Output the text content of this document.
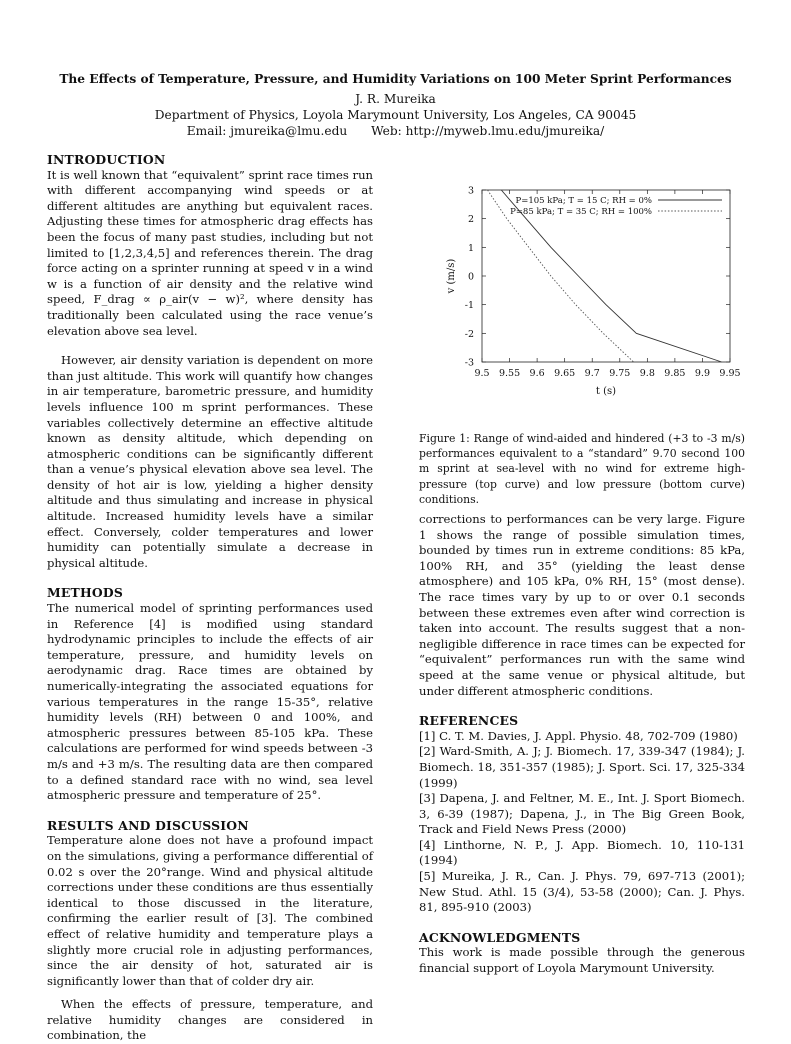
The Effects of Temperature, Pressure, and Humidity Variations on 100 Meter Sprint Performances
J. R. Mureika
Department of Physics, Loyola Marymount University, Los Angeles, CA 90045
Email: jmureika@lmu.edu Web: http://myweb.lmu.edu/jmureika/
INTRODUCTION

It is well known that “equivalent” sprint race times run with different accompanying wind speeds or at different altitudes are anything but equivalent races. Adjusting these times for atmospheric drag effects has been the focus of many past studies, including but not limited to [1,2,3,4,5] and references therein. The drag force acting on a sprinter running at speed v in a wind w is a function of air density and the relative wind speed, F_drag ∝ ρ_air(v − w)², where density has traditionally been calculated using the race venue’s elevation above sea level.

However, air density variation is dependent on more than just altitude. This work will quantify how changes in air temperature, barometric pressure, and humidity levels influence 100 m sprint performances. These variables collectively determine an effective altitude known as density altitude, which depending on atmospheric conditions can be significantly different than a venue’s physical elevation above sea level. The density of hot air is low, yielding a higher density altitude and thus simulating and increase in physical altitude. Increased humidity levels have a similar effect. Conversely, colder temperatures and lower humidity can potentially simulate a decrease in physical altitude.

METHODS

The numerical model of sprinting performances used in Reference [4] is modified using standard hydrodynamic principles to include the effects of air temperature, pressure, and humidity levels on aerodynamic drag. Race times are obtained by numerically-integrating the associated equations for various temperatures in the range 15-35°, relative humidity levels (RH) between 0 and 100%, and atmospheric pressures between 85-105 kPa. These calculations are performed for wind speeds between -3 m/s and +3 m/s. The resulting data are then compared to a defined standard race with no wind, sea level atmospheric pressure and temperature of 25°.

RESULTS AND DISCUSSION

Temperature alone does not have a profound impact on the simulations, giving a performance differential of 0.02 s over the 20°range. Wind and physical altitude corrections under these conditions are thus essentially identical to those discussed in the literature, confirming the earlier result of [3]. The combined effect of relative humidity and temperature plays a slightly more crucial role in adjusting performances, since the air density of hot, saturated air is significantly lower than that of colder dry air.

When the effects of pressure, temperature, and relative humidity changes are considered in combination, the

9.5 9.55 9.6 9.65 9.7 9.75 9.8 9.85 9.9 9.95
-3
-2
-1
0
1
2
3
t (s)
v (m/s)
P=105 kPa; T = 15 C; RH = 0%
P=85 kPa; T = 35 C; RH = 100%
Figure 1: Range of wind-aided and hindered (+3 to -3 m/s) performances equivalent to a “standard” 9.70 second 100 m sprint at sea-level with no wind for extreme high-pressure (top curve) and low pressure (bottom curve) conditions.

corrections to performances can be very large. Figure 1 shows the range of possible simulation times, bounded by times run in extreme conditions: 85 kPa, 100% RH, and 35° (yielding the least dense atmosphere) and 105 kPa, 0% RH, 15° (most dense). The race times vary by up to or over 0.1 seconds between these extremes even after wind correction is taken into account. The results suggest that a non-negligible difference in race times can be expected for “equivalent” performances run with the same wind speed at the same venue or physical altitude, but under different atmospheric conditions.

REFERENCES

[1] C. T. M. Davies, J. Appl. Physio. 48, 702-709 (1980)

[2] Ward-Smith, A. J; J. Biomech. 17, 339-347 (1984); J. Biomech. 18, 351-357 (1985); J. Sport. Sci. 17, 325-334 (1999)

[3] Dapena, J. and Feltner, M. E., Int. J. Sport Biomech. 3, 6-39 (1987); Dapena, J., in The Big Green Book, Track and Field News Press (2000)

[4] Linthorne, N. P., J. App. Biomech. 10, 110-131 (1994)

[5] Mureika, J. R., Can. J. Phys. 79, 697-713 (2001); New Stud. Athl. 15 (3/4), 53-58 (2000); Can. J. Phys. 81, 895-910 (2003)

ACKNOWLEDGMENTS

This work is made possible through the generous financial support of Loyola Marymount University.
